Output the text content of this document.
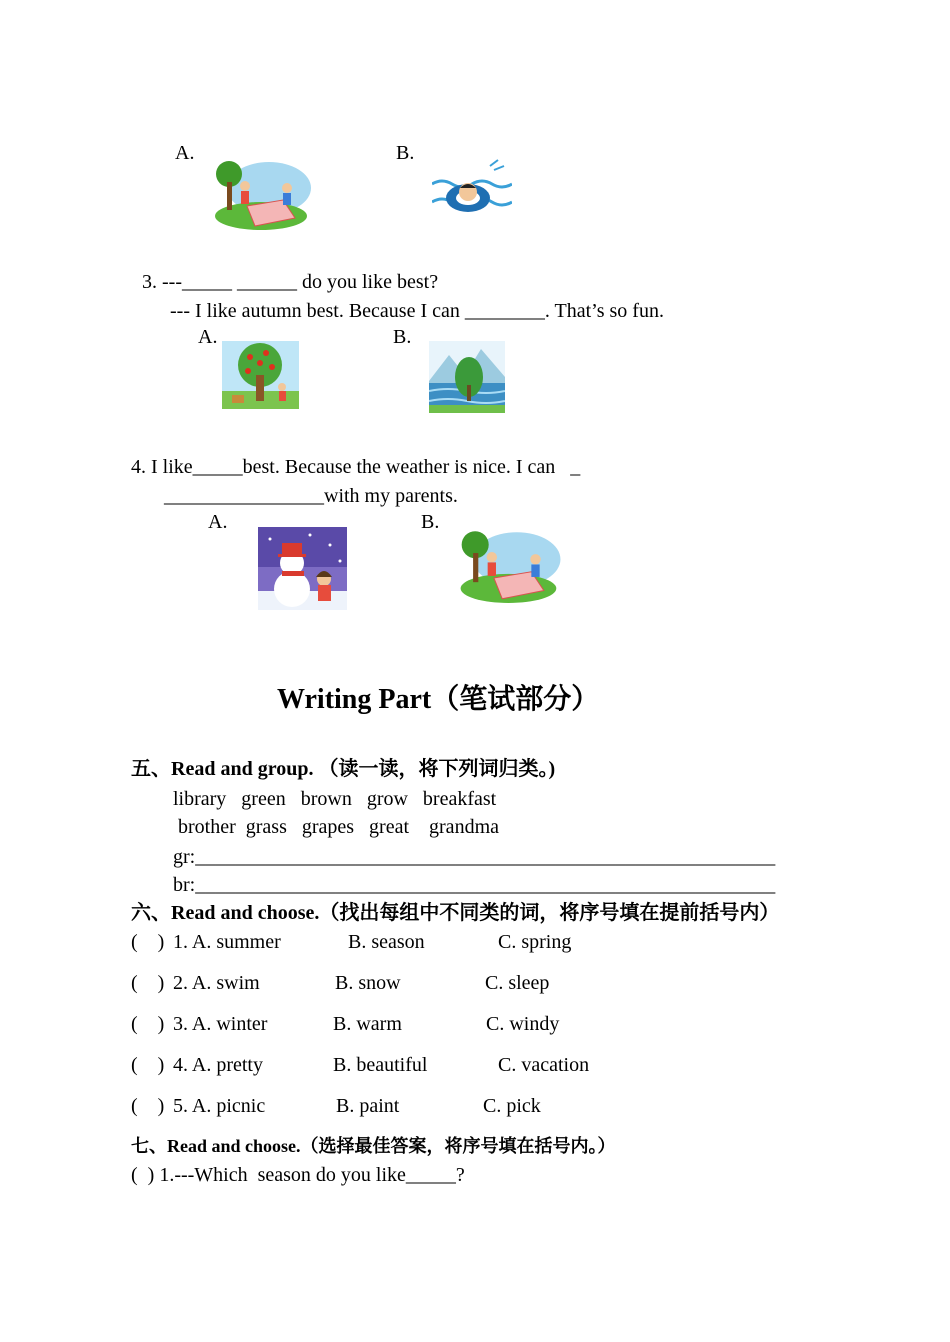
A.	B.
3. ---_____ ______ do you like best?
--- I like autumn best. Because I can ________. That’s so fun.
A.	B.
4. I like_____best. Because the weather is nice. I can   _
________________with my parents.
A.	B.
Writing Part（笔试部分）
五、Read and group. （读一读，将下列词归类。)
library   green   brown   grow   breakfast
brother  grass   grapes   great    grandma
gr:__________________________________________________________
br:__________________________________________________________
六、Read and choose.（找出每组中不同类的词，将序号填在提前括号内）
(    ) 1. A. summer	B. season	C. spring
(    ) 2. A. swim	B. snow	C. sleep
(    ) 3. A. winter	B. warm	C. windy
(    ) 4. A. pretty	B. beautiful	C. vacation
(    ) 5. A. picnic	B. paint	C. pick
七、Read and choose.（选择最佳答案，将序号填在括号内。）
(  ) 1.---Which  season do you like_____?
